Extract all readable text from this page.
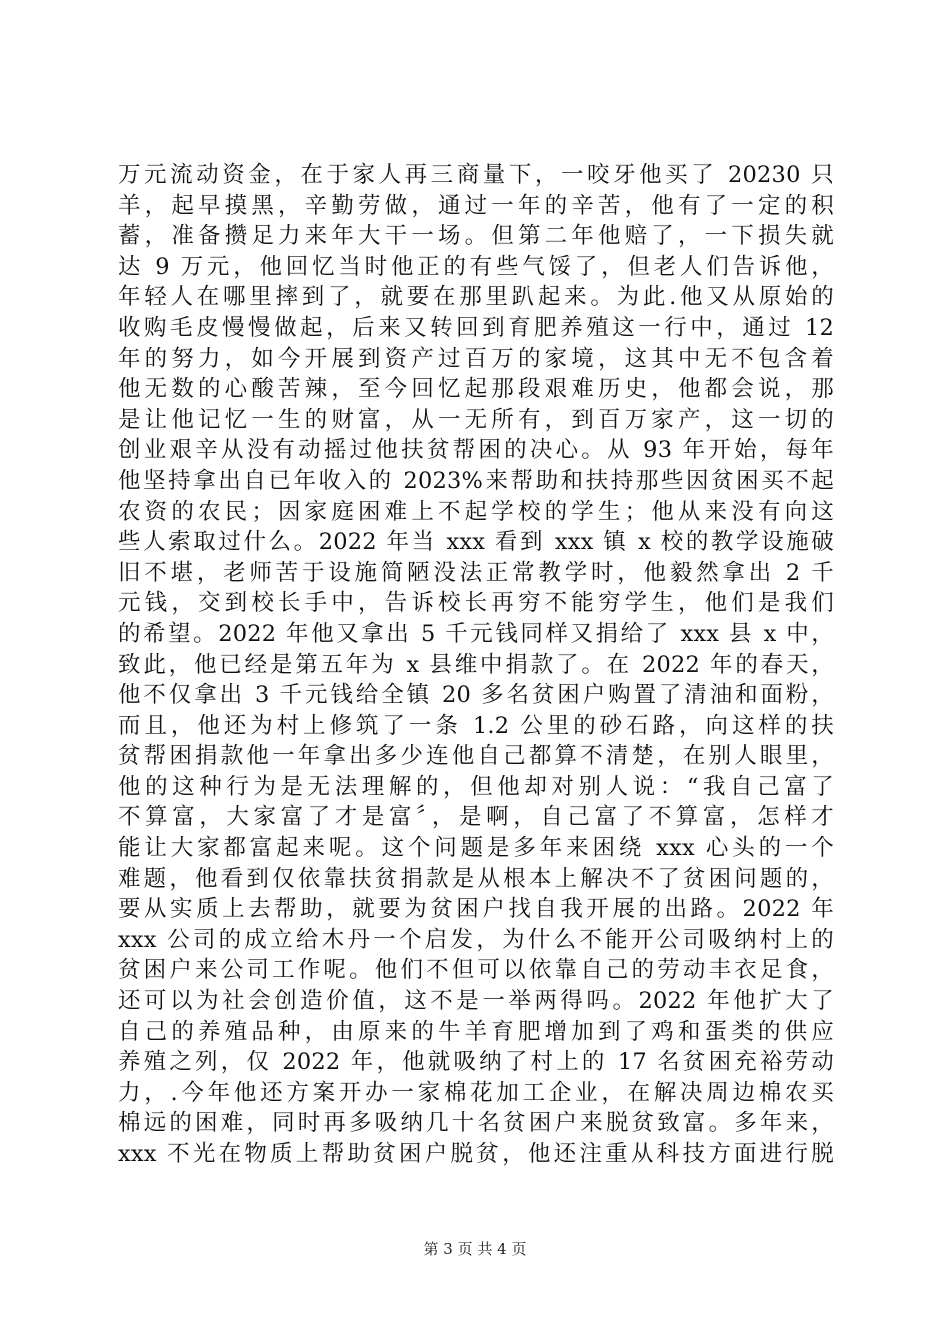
万元流动资金，在于家人再三商量下，一咬牙他买了 20230 只
羊，起早摸黑，辛勤劳做，通过一年的辛苦，他有了一定的积
蓄，准备攒足力来年大干一场。但第二年他赔了，一下损失就
达 9 万元，他回忆当时他正的有些气馁了，但老人们告诉他，
年轻人在哪里摔到了，就要在那里趴起来。为此.他又从原始的
收购毛皮慢慢做起，后来又转回到育肥养殖这一行中，通过 12
年的努力，如今开展到资产过百万的家境，这其中无不包含着
他无数的心酸苦辣，至今回忆起那段艰难历史，他都会说，那
是让他记忆一生的财富，从一无所有，到百万家产，这一切的
创业艰辛从没有动摇过他扶贫帮困的决心。从 93 年开始，每年
他坚持拿出自已年收入的 2023%来帮助和扶持那些因贫困买不起
农资的农民；因家庭困难上不起学校的学生；他从来没有向这
些人索取过什么。2022 年当 xxx 看到 xxx 镇 x 校的教学设施破
旧不堪，老师苦于设施简陋没法正常教学时，他毅然拿出 2 千
元钱，交到校长手中，告诉校长再穷不能穷学生，他们是我们
的希望。2022 年他又拿出 5 千元钱同样又捐给了 xxx 县 x 中，
致此，他已经是第五年为 x 县维中捐款了。在 2022 年的春天，
他不仅拿出 3 千元钱给全镇 20 多名贫困户购置了清油和面粉，
而且，他还为村上修筑了一条 1.2 公里的砂石路，向这样的扶
贫帮困捐款他一年拿出多少连他自己都算不清楚，在别人眼里，
他的这种行为是无法理解的，但他却对别人说：“我自己富了
不算富，大家富了才是富〞，是啊，自己富了不算富，怎样才
能让大家都富起来呢。这个问题是多年来困绕 xxx 心头的一个
难题，他看到仅依靠扶贫捐款是从根本上解决不了贫困问题的，
要从实质上去帮助，就要为贫困户找自我开展的出路。2022 年
xxx 公司的成立给木丹一个启发，为什么不能开公司吸纳村上的
贫困户来公司工作呢。他们不但可以依靠自己的劳动丰衣足食，
还可以为社会创造价值，这不是一举两得吗。2022 年他扩大了
自己的养殖品种，由原来的牛羊育肥增加到了鸡和蛋类的供应
养殖之列，仅 2022 年，他就吸纳了村上的 17 名贫困充裕劳动
力，.今年他还方案开办一家棉花加工企业，在解决周边棉农买
棉远的困难，同时再多吸纳几十名贫困户来脱贫致富。多年来，
xxx 不光在物质上帮助贫困户脱贫，他还注重从科技方面进行脱
第 3 页 共 4 页
